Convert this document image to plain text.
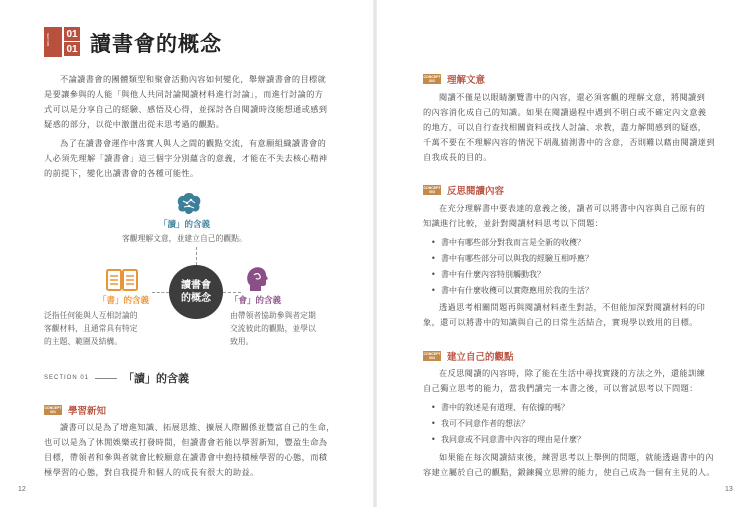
SECTION 01
01 讀書會的概念
不論讀書會的團體類型和聚會活動內容如何變化，舉辦讀書會的目標就
是要讓參與的人能「與他人共同討論閱讀材料進行討論」，而進行討論的方
式可以是分享自己的經驗、感悟及心得，並探討各自閱讀時沒能想通或感到
疑惑的部分，以從中激盪出從未思考過的觀點。
為了在讀書會運作中落實人與人之間的觀點交流，有意願組織讀書會的
人必須先理解「讀書會」這三個字分別蘊含的意義，才能在不失去核心精神
的前提下，變化出讀書會的各種可能性。
「讀」的含義
客觀理解文意，並建立自己的觀點。
讀書會
的概念
「書」的含義
泛指任何能與人互相討論的
客觀材料，且通常具有特定
的主題、範圍及結構。
「會」的含義
由帶領者協助參與者定期
交流彼此的觀點，並學以
致用。
SECTION 01	「讀」的含義
CONCEPT
001 學習新知
讀書可以是為了增進知識、拓展思維、擴展人際關係並豐富自己的生命，
也可以是為了休閒娛樂或打發時間，但讀書會若能以學習新知，豐盈生命為
目標，帶領者和參與者就會比較願意在讀書會中抱持積極學習的心態，而積
極學習的心態，對自我提升和個人的成長有很大的助益。
12
CONCEPT
002 理解文意
閱讀不僅是以眼睛瀏覽書中的內容，還必須客觀的理解文意，將閱讀到
的內容消化成自己的知識。如果在閱讀過程中遇到不明白或不確定內文意義
的地方，可以自行查找相關資料或找人討論、求教，盡力解開感到的疑惑，
千萬不要在不理解內容的情況下胡亂猜測書中的含意，否則難以藉由閱讀達到
自我成長的目的。
CONCEPT
003 反思閱讀內容
在充分理解書中要表達的意義之後，讀者可以將書中內容與自己原有的
知識進行比較，並針對閱讀材料思考以下問題：
• 書中有哪些部分對我而言是全新的收穫？
• 書中有哪些部分可以與我的經驗互相呼應？
• 書中有什麼內容特別觸動我？
• 書中有什麼收穫可以實際應用於我的生活？
透過思考相關問題再與閱讀材料產生對話，不但能加深對閱讀材料的印
象，還可以將書中的知識與自己的日常生活結合，實現學以致用的目標。
CONCEPT
004 建立自己的觀點
在反思閱讀的內容時，除了能在生活中尋找實踐的方法之外，還能訓練
自己獨立思考的能力，當我們讀完一本書之後，可以嘗試思考以下問題：
• 書中的敘述是有道理、有依據的嗎？
• 我可不同意作者的想法？
• 我同意或不同意書中內容的理由是什麼？
如果能在每次閱讀結束後，練習思考以上舉例的問題，就能透過書中的內
容建立屬於自己的觀點，鍛鍊獨立思辨的能力，使自己成為一個有主見的人。
13
